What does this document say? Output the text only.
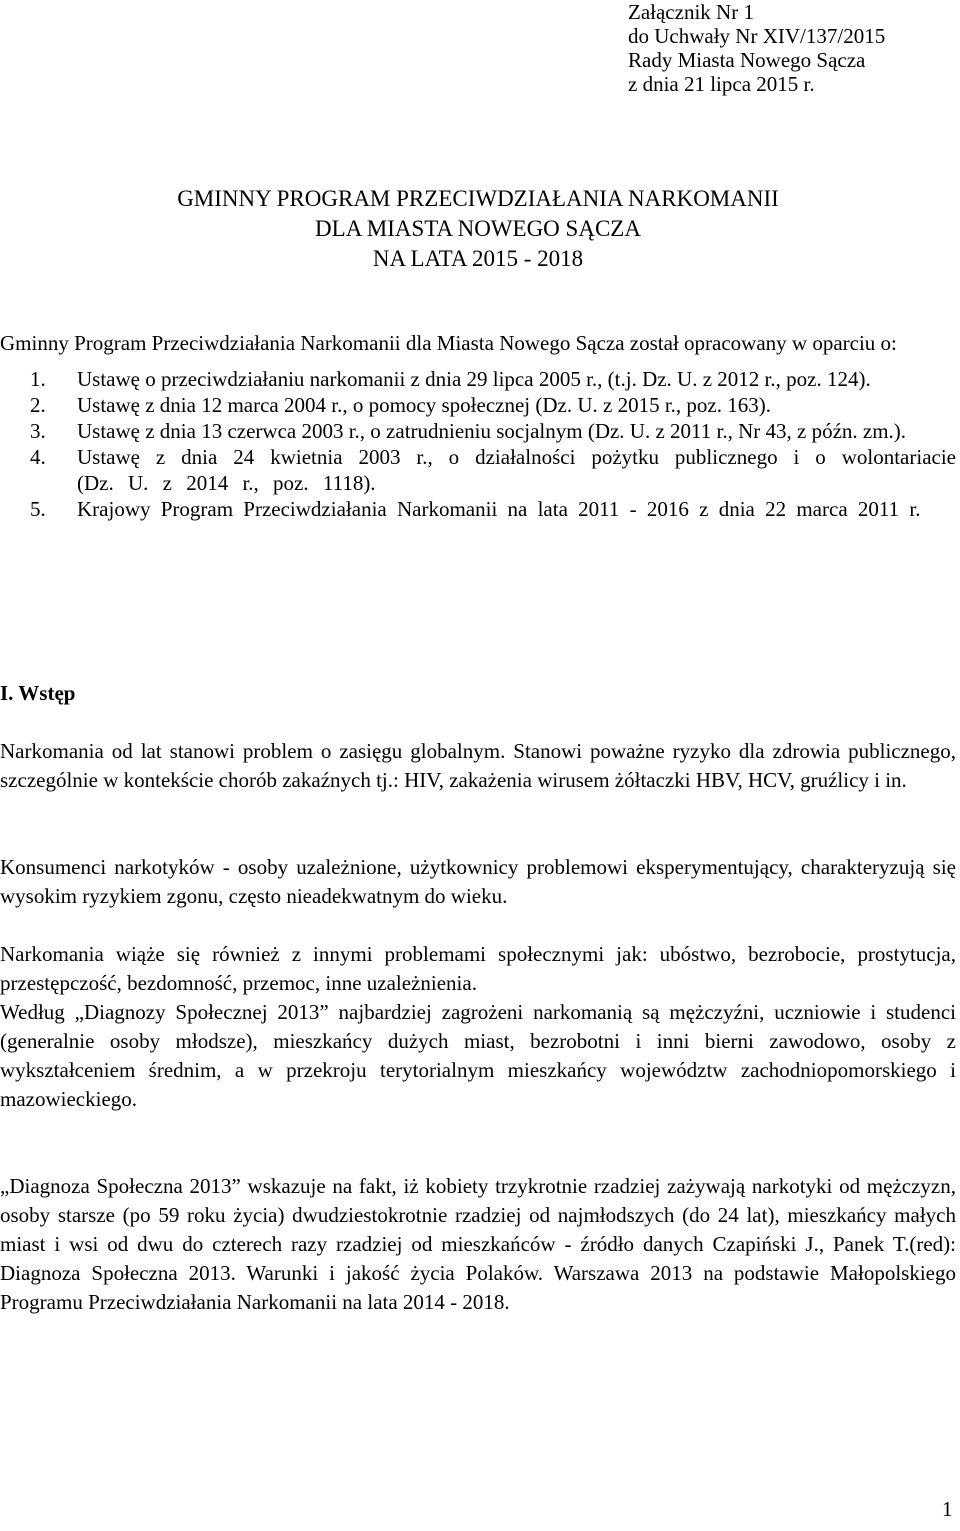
Załącznik Nr 1
do Uchwały Nr XIV/137/2015
Rady Miasta Nowego Sącza
z dnia 21 lipca 2015 r.
GMINNY PROGRAM PRZECIWDZIAŁANIA NARKOMANII
DLA MIASTA NOWEGO SĄCZA
NA LATA 2015 - 2018
Gminny Program Przeciwdziałania Narkomanii dla Miasta Nowego Sącza został opracowany w oparciu o:
1. Ustawę o przeciwdziałaniu narkomanii z dnia 29 lipca 2005 r., (t.j. Dz. U. z 2012 r., poz. 124).
2. Ustawę z dnia 12 marca 2004 r., o pomocy społecznej (Dz. U. z 2015 r., poz. 163).
3. Ustawę z dnia 13 czerwca 2003 r., o zatrudnieniu socjalnym (Dz. U. z 2011 r., Nr 43, z późn. zm.).
4. Ustawę z dnia 24 kwietnia 2003 r., o działalności pożytku publicznego i o wolontariacie (Dz. U. z 2014 r., poz. 1118).
5. Krajowy Program Przeciwdziałania Narkomanii na lata 2011 - 2016 z dnia 22 marca 2011 r.
I. Wstęp
Narkomania od lat stanowi problem o zasięgu globalnym. Stanowi poważne ryzyko dla zdrowia publicznego, szczególnie w kontekście chorób zakaźnych tj.: HIV, zakażenia wirusem żółtaczki HBV, HCV, gruźlicy i in.
Konsumenci narkotyków - osoby uzależnione, użytkownicy problemowi eksperymentujący, charakteryzują się wysokim ryzykiem zgonu, często nieadekwatnym do wieku.
Narkomania wiąże się również z innymi problemami społecznymi jak: ubóstwo, bezrobocie, prostytucja, przestępczość, bezdomność, przemoc, inne uzależnienia.
Według „Diagnozy Społecznej 2013” najbardziej zagrożeni narkomanią są mężczyźni, uczniowie i studenci (generalnie osoby młodsze), mieszkańcy dużych miast, bezrobotni i inni bierni zawodowo, osoby z wykształceniem średnim, a w przekroju terytorialnym mieszkańcy województw zachodniopomorskiego i mazowieckiego.
„Diagnoza Społeczna 2013” wskazuje na fakt, iż kobiety trzykrotnie rzadziej zażywają narkotyki od mężczyzn, osoby starsze (po 59 roku życia) dwudziestokrotnie rzadziej od najmłodszych (do 24 lat), mieszkańcy małych miast i wsi od dwu do czterech razy rzadziej od mieszkańców - źródło danych Czapiński J., Panek T.(red): Diagnoza Społeczna 2013. Warunki i jakość życia Polaków. Warszawa 2013 na podstawie Małopolskiego Programu Przeciwdziałania Narkomanii na lata 2014 - 2018.
1
